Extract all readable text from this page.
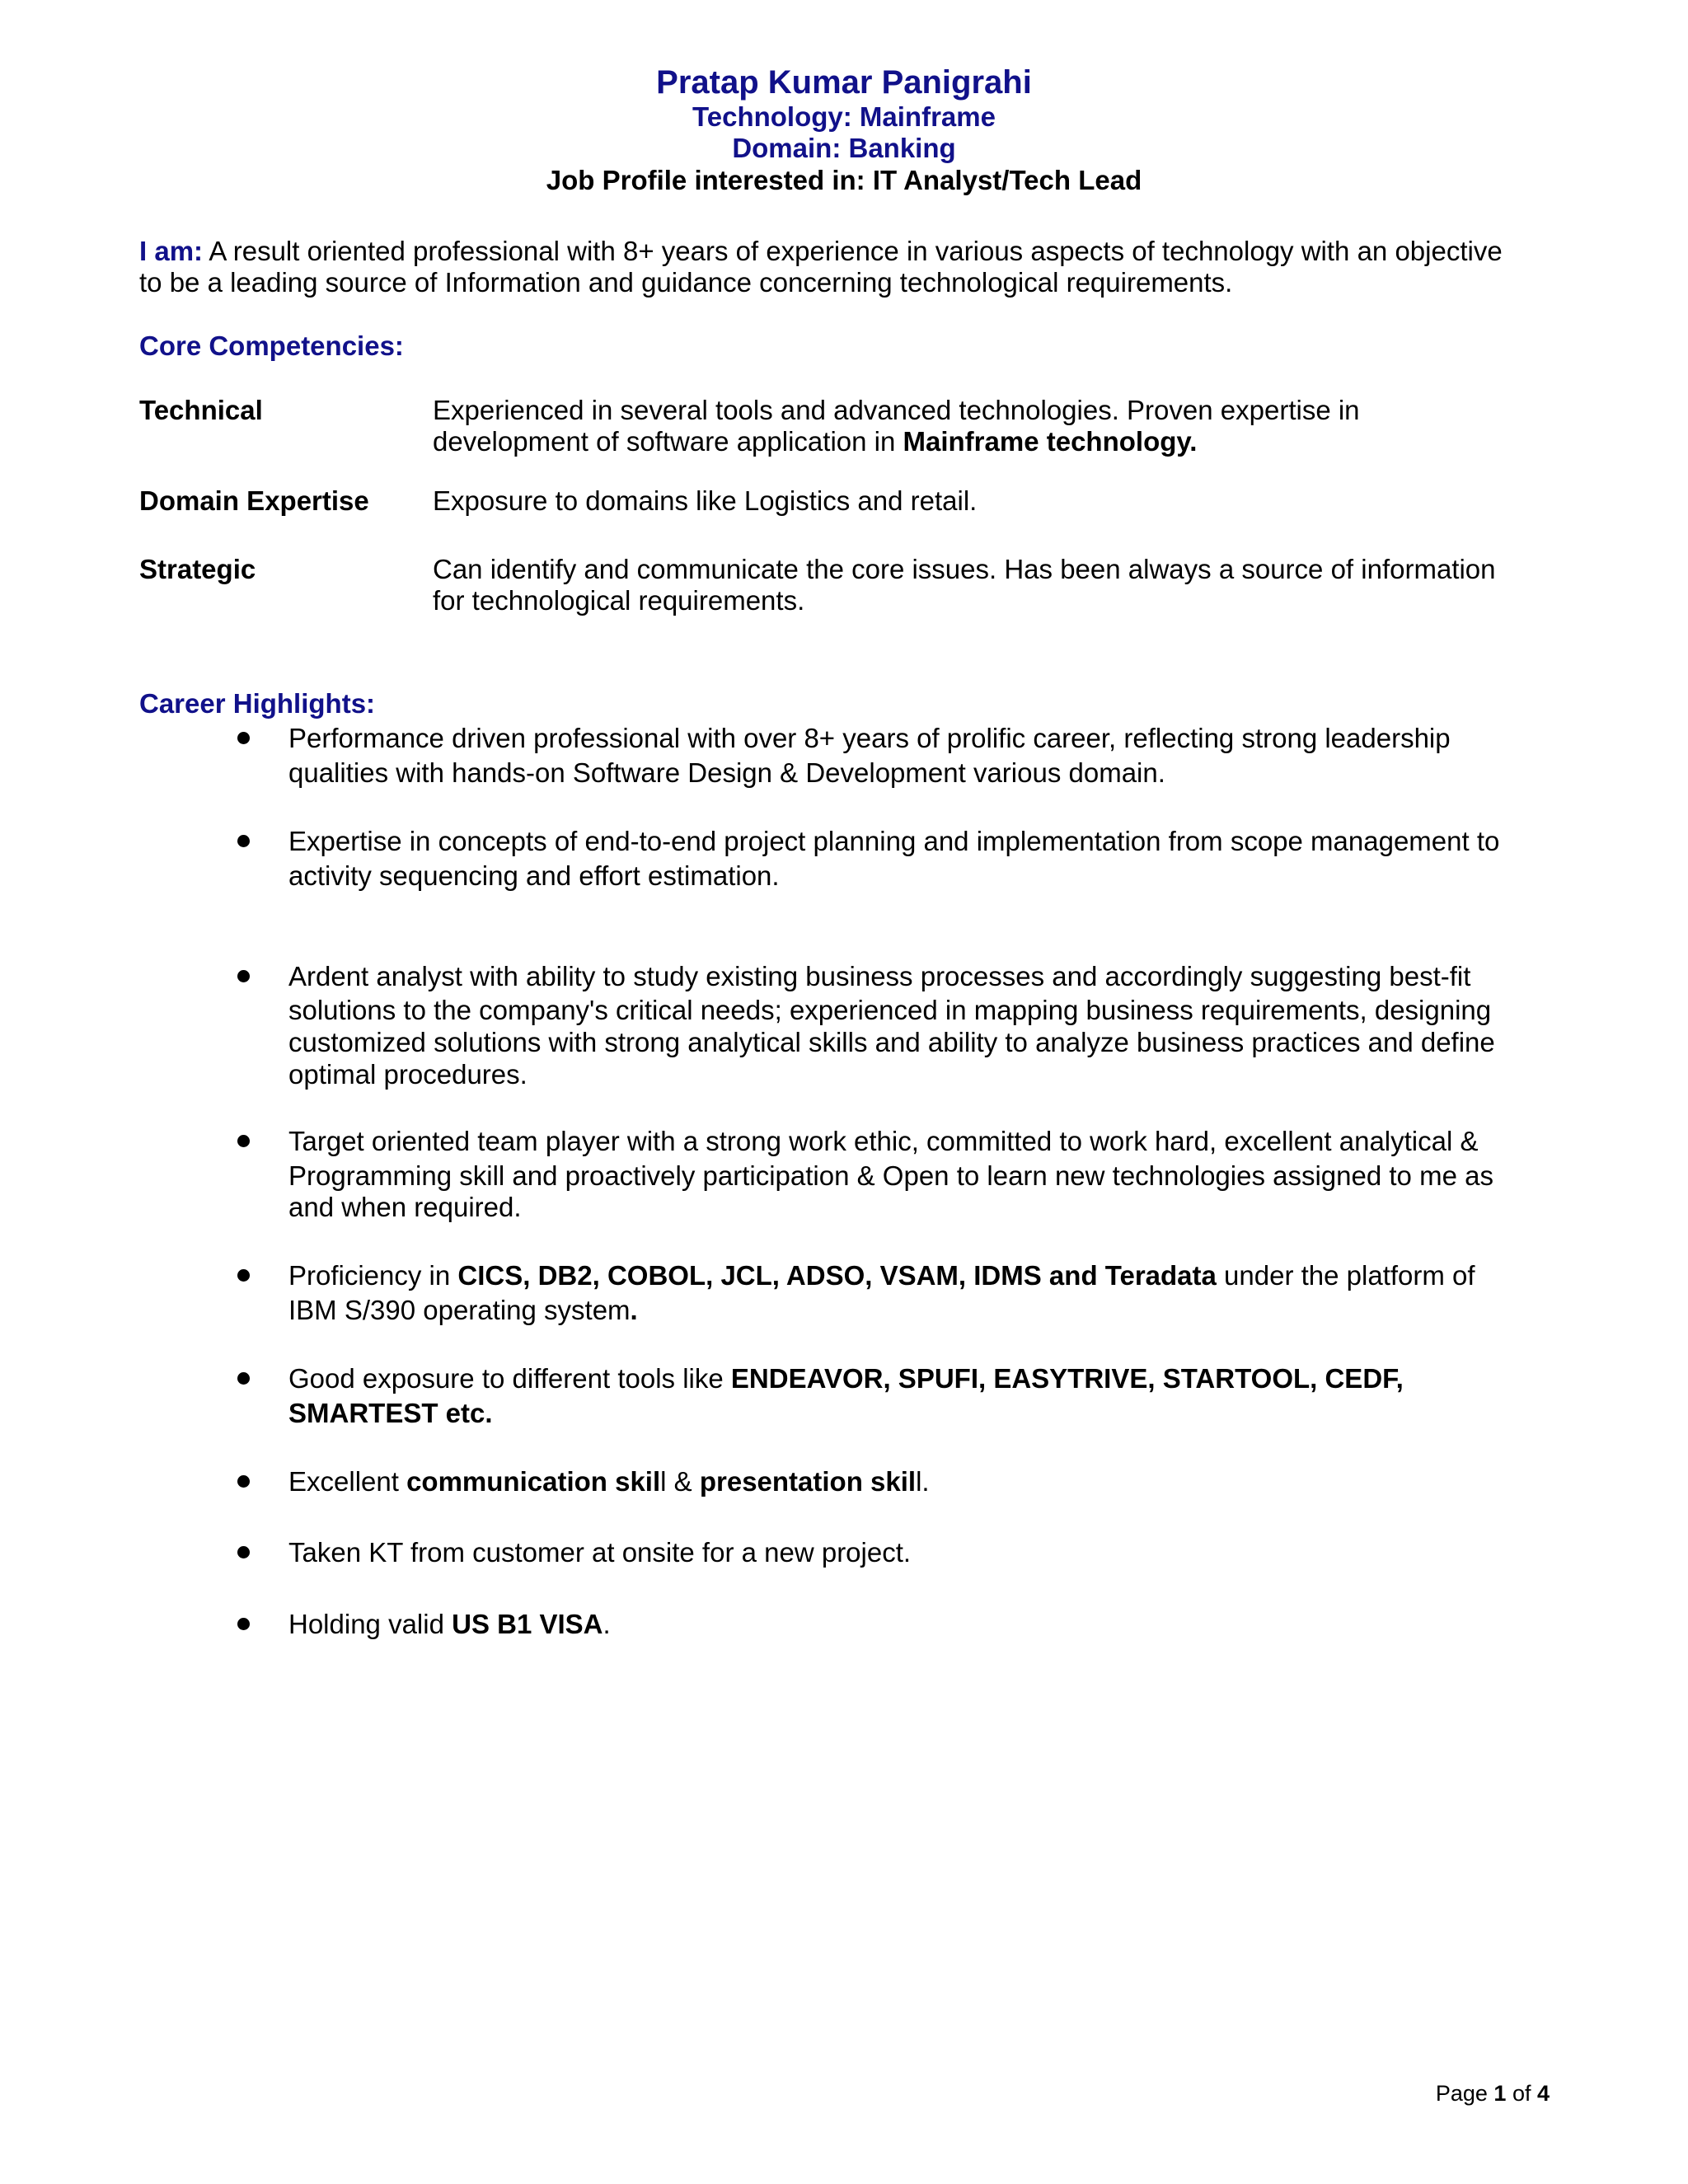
Pratap Kumar Panigrahi
Technology: Mainframe
Domain: Banking
Job Profile interested in: IT Analyst/Tech Lead
I am: A result oriented professional with 8+ years of experience in various aspects of technology with an objective
to be a leading source of Information and guidance concerning technological requirements.
Core Competencies:
Technical	Experienced in several tools and advanced technologies. Proven expertise in
development of software application in Mainframe technology.
Domain Expertise Exposure to domains like Logistics and retail.
Strategic	Can identify and communicate the core issues. Has been always a source of information
for technological requirements.
Career Highlights:
Performance driven professional with over 8+ years of prolific career, reflecting strong leadership
qualities with hands-on Software Design & Development various domain.
Expertise in concepts of end-to-end project planning and implementation from scope management to
activity sequencing and effort estimation.
Ardent analyst with ability to study existing business processes and accordingly suggesting best-fit
solutions to the company's critical needs; experienced in mapping business requirements, designing
customized solutions with strong analytical skills and ability to analyze business practices and define
optimal procedures.
Target oriented team player with a strong work ethic, committed to work hard, excellent analytical &
Programming skill and proactively participation & Open to learn new technologies assigned to me as
and when required.
Proficiency in CICS, DB2, COBOL, JCL, ADSO, VSAM, IDMS and Teradata under the platform of
IBM S/390 operating system.
Good exposure to different tools like ENDEAVOR, SPUFI, EASYTRIVE, STARTOOL, CEDF,
SMARTEST etc.
Excellent communication skill & presentation skill.
Taken KT from customer at onsite for a new project.
Holding valid US B1 VISA.
Page 1 of 4
